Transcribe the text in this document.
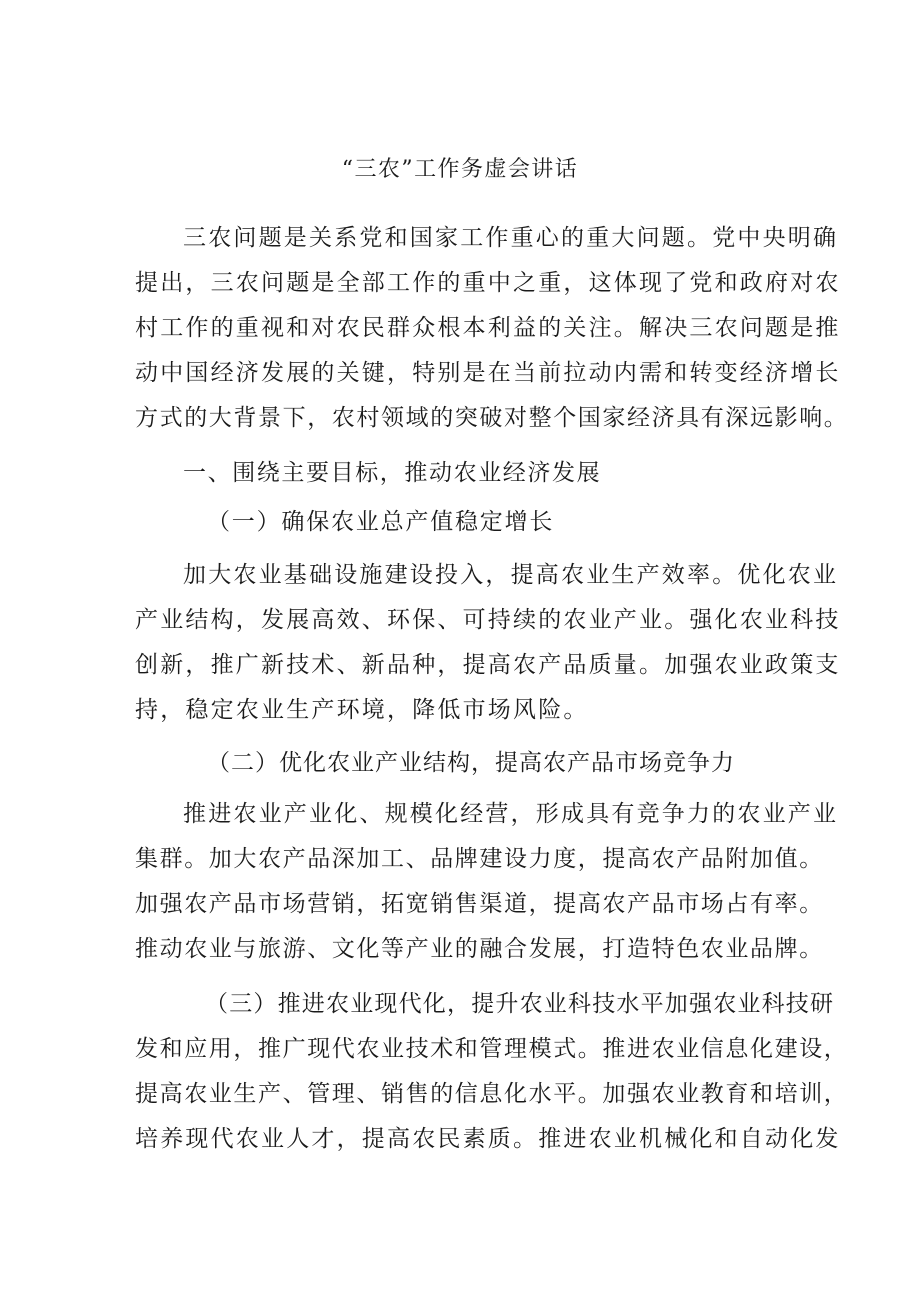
“三农”工作务虚会讲话
三农问题是关系党和国家工作重心的重大问题。党中央明确
提出，三农问题是全部工作的重中之重，这体现了党和政府对农
村工作的重视和对农民群众根本利益的关注。解决三农问题是推
动中国经济发展的关键，特别是在当前拉动内需和转变经济增长
方式的大背景下，农村领域的突破对整个国家经济具有深远影响。
一、围绕主要目标，推动农业经济发展
（一）确保农业总产值稳定增长
加大农业基础设施建设投入，提高农业生产效率。优化农业
产业结构，发展高效、环保、可持续的农业产业。强化农业科技
创新，推广新技术、新品种，提高农产品质量。加强农业政策支
持，稳定农业生产环境，降低市场风险。
（二）优化农业产业结构，提高农产品市场竞争力
推进农业产业化、规模化经营，形成具有竞争力的农业产业
集群。加大农产品深加工、品牌建设力度，提高农产品附加值。
加强农产品市场营销，拓宽销售渠道，提高农产品市场占有率。
推动农业与旅游、文化等产业的融合发展，打造特色农业品牌。
（三）推进农业现代化，提升农业科技水平加强农业科技研
发和应用，推广现代农业技术和管理模式。推进农业信息化建设，
提高农业生产、管理、销售的信息化水平。加强农业教育和培训，
培养现代农业人才，提高农民素质。推进农业机械化和自动化发
